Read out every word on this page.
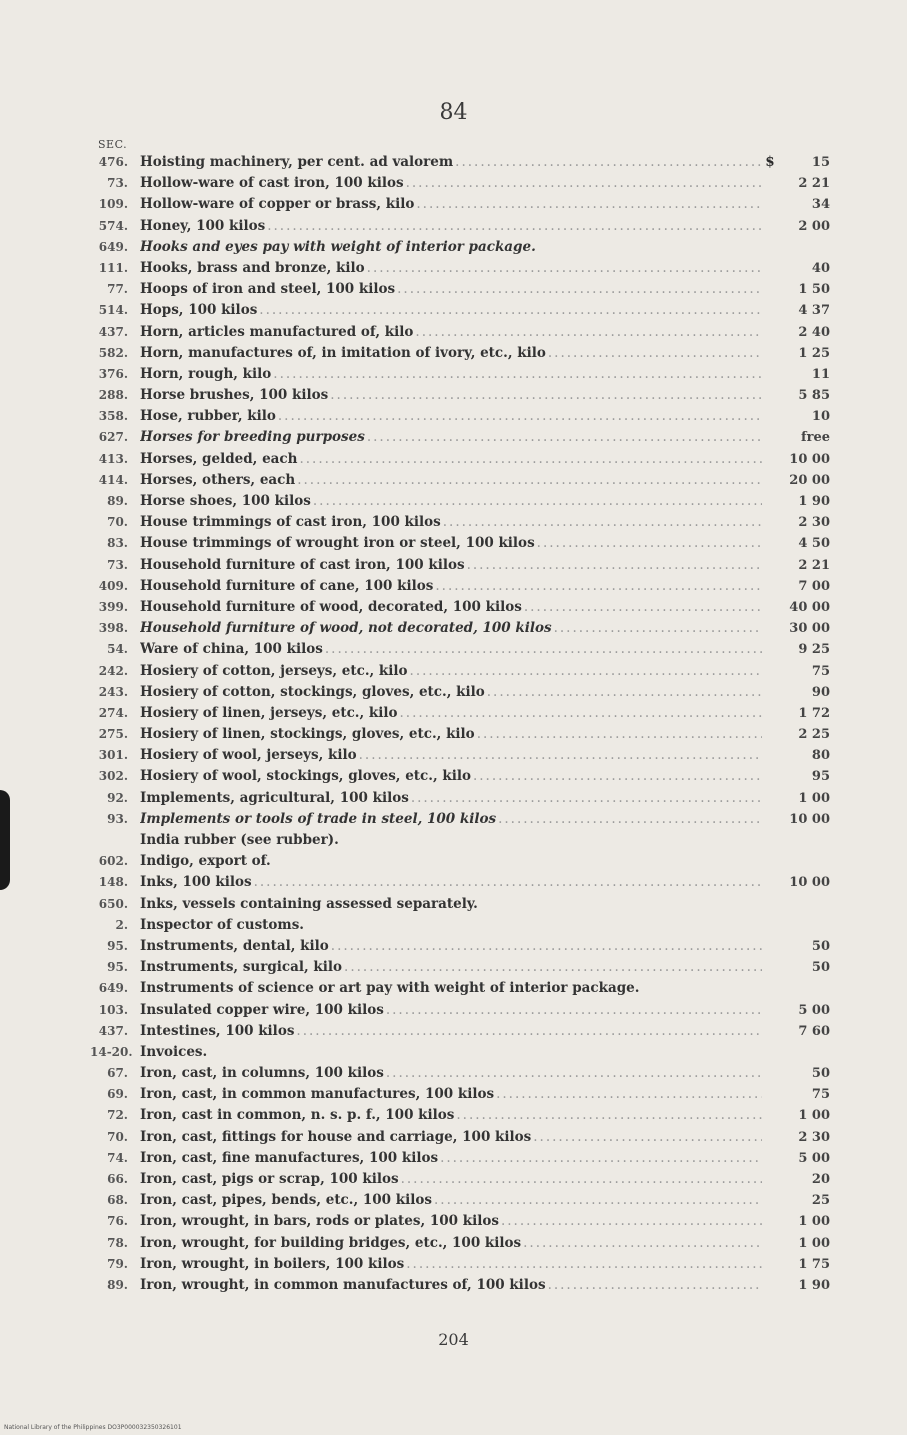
84
SEC.
476. Hoisting machinery, per cent. ad valorem .....	$	15
73. Hollow-ware of cast iron, 100 kilos .....	2 21
109. Hollow-ware of copper or brass, kilo .....	34
574. Honey, 100 kilos .....	2 00
649. Hooks and eyes pay with weight of interior package.
111. Hooks, brass and bronze, kilo .....	40
77. Hoops of iron and steel, 100 kilos .....	1 50
514. Hops, 100 kilos .....	4 37
437. Horn, articles manufactured of, kilo .....	2 40
582. Horn, manufactures of, in imitation of ivory, etc., kilo .....	1 25
376. Horn, rough, kilo .....	11
288. Horse brushes, 100 kilos .....	5 85
358. Hose, rubber, kilo .....	10
627. Horses for breeding purposes .....	free
413. Horses, gelded, each .....	10 00
414. Horses, others, each .....	20 00
89. Horse shoes, 100 kilos .....	1 90
70. House trimmings of cast iron, 100 kilos .....	2 30
83. House trimmings of wrought iron or steel, 100 kilos .....	4 50
73. Household furniture of cast iron, 100 kilos .....	2 21
409. Household furniture of cane, 100 kilos .....	7 00
399. Household furniture of wood, decorated, 100 kilos .....	40 00
398. Household furniture of wood, not decorated, 100 kilos .....	30 00
54. Ware of china, 100 kilos .....	9 25
242. Hosiery of cotton, jerseys, etc., kilo .....	75
243. Hosiery of cotton, stockings, gloves, etc., kilo .....	90
274. Hosiery of linen, jerseys, etc., kilo .....	1 72
275. Hosiery of linen, stockings, gloves, etc., kilo .....	2 25
301. Hosiery of wool, jerseys, kilo .....	80
302. Hosiery of wool, stockings, gloves, etc., kilo .....	95
92. Implements, agricultural, 100 kilos .....	1 00
93. Implements or tools of trade in steel, 100 kilos .....	10 00
India rubber (see rubber).
602. Indigo, export of.
148. Inks, 100 kilos .....	10 00
650. Inks, vessels containing assessed separately.
2. Inspector of customs.
95. Instruments, dental, kilo .....	50
95. Instruments, surgical, kilo .....	50
649. Instruments of science or art pay with weight of interior package.
103. Insulated copper wire, 100 kilos .....	5 00
437. Intestines, 100 kilos .....	7 60
14-20. Invoices.
67. Iron, cast, in columns, 100 kilos .....	50
69. Iron, cast, in common manufactures, 100 kilos .....	75
72. Iron, cast in common, n. s. p. f., 100 kilos .....	1 00
70. Iron, cast, fittings for house and carriage, 100 kilos .....	2 30
74. Iron, cast, fine manufactures, 100 kilos .....	5 00
66. Iron, cast, pigs or scrap, 100 kilos .....	20
68. Iron, cast, pipes, bends, etc., 100 kilos .....	25
76. Iron, wrought, in bars, rods or plates, 100 kilos .....	1 00
78. Iron, wrought, for building bridges, etc., 100 kilos .....	1 00
79. Iron, wrought, in boilers, 100 kilos .....	1 75
89. Iron, wrought, in common manufactures of, 100 kilos .....	1 90
204
National Library of the Philippines DO3P000032350326101
